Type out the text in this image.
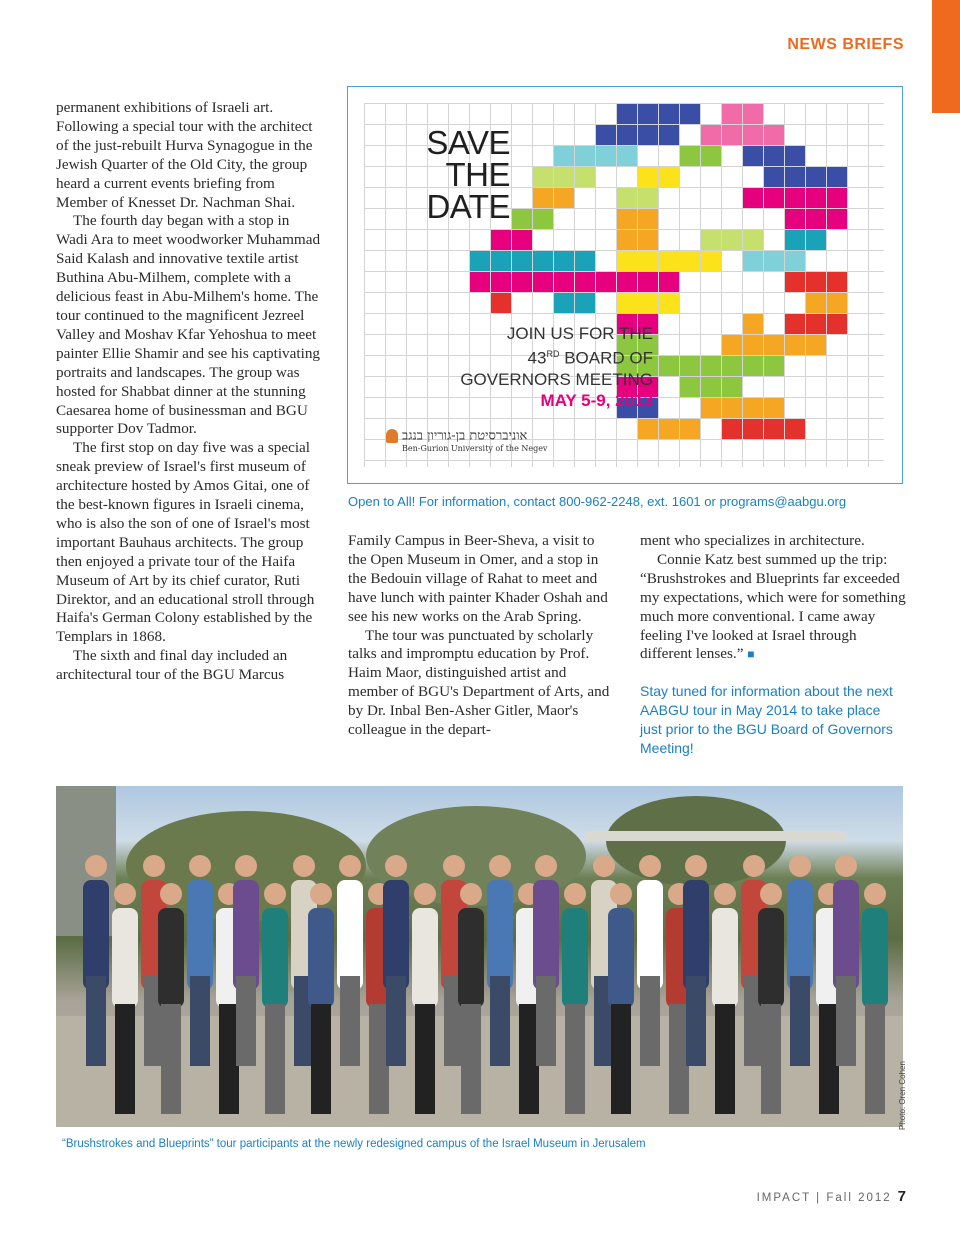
NEWS BRIEFS

permanent exhibitions of Israeli art. Following a special tour with the architect of the just-rebuilt Hurva Synagogue in the Jewish Quarter of the Old City, the group heard a current events briefing from Member of Knesset Dr. Nachman Shai.

The fourth day began with a stop in Wadi Ara to meet woodworker Muhammad Said Kalash and innovative textile artist Buthina Abu-Milhem, complete with a delicious feast in Abu-Milhem's home. The tour continued to the magnificent Jezreel Valley and Moshav Kfar Yehoshua to meet painter Ellie Shamir and see his captivating portraits and landscapes. The group was hosted for Shabbat dinner at the stunning Caesarea home of businessman and BGU supporter Dov Tadmor.

The first stop on day five was a special sneak preview of Israel's first museum of architecture hosted by Amos Gitai, one of the best-known figures in Israeli cinema, who is also the son of one of Israel's most important Bauhaus architects. The group then enjoyed a private tour of the Haifa Museum of Art by its chief curator, Ruti Direktor, and an educational stroll through Haifa's German Colony established by the Templars in 1868.

The sixth and final day included an architectural tour of the BGU Marcus

SAVE
THE
DATE
JOIN US FOR THE
43RD BOARD OF
GOVERNORS MEETING
MAY 5-9, 2013
אוניברסיטת בן-גוריון בנגב
Ben-Gurion University of the Negev
Open to All! For information, contact 800-962-2248, ext. 1601 or programs@aabgu.org

Family Campus in Beer-Sheva, a visit to the Open Museum in Omer, and a stop in the Bedouin village of Rahat to meet and have lunch with painter Khader Oshah and see his new works on the Arab Spring.

The tour was punctuated by scholarly talks and impromptu education by Prof. Haim Maor, distinguished artist and member of BGU's Department of Arts, and by Dr. Inbal Ben-Asher Gitler, Maor's colleague in the depart-

ment who specializes in architecture.

Connie Katz best summed up the trip: “Brushstrokes and Blueprints far exceeded my expectations, which were for something much more conventional. I came away feeling I've looked at Israel through different lenses.” ■

Stay tuned for information about the next AABGU tour in May 2014 to take place just prior to the BGU Board of Governors Meeting!
Photo: Oren Cohen
“Brushstrokes and Blueprints” tour participants at the newly redesigned campus of the Israel Museum in Jerusalem
IMPACT | Fall 2012 7
